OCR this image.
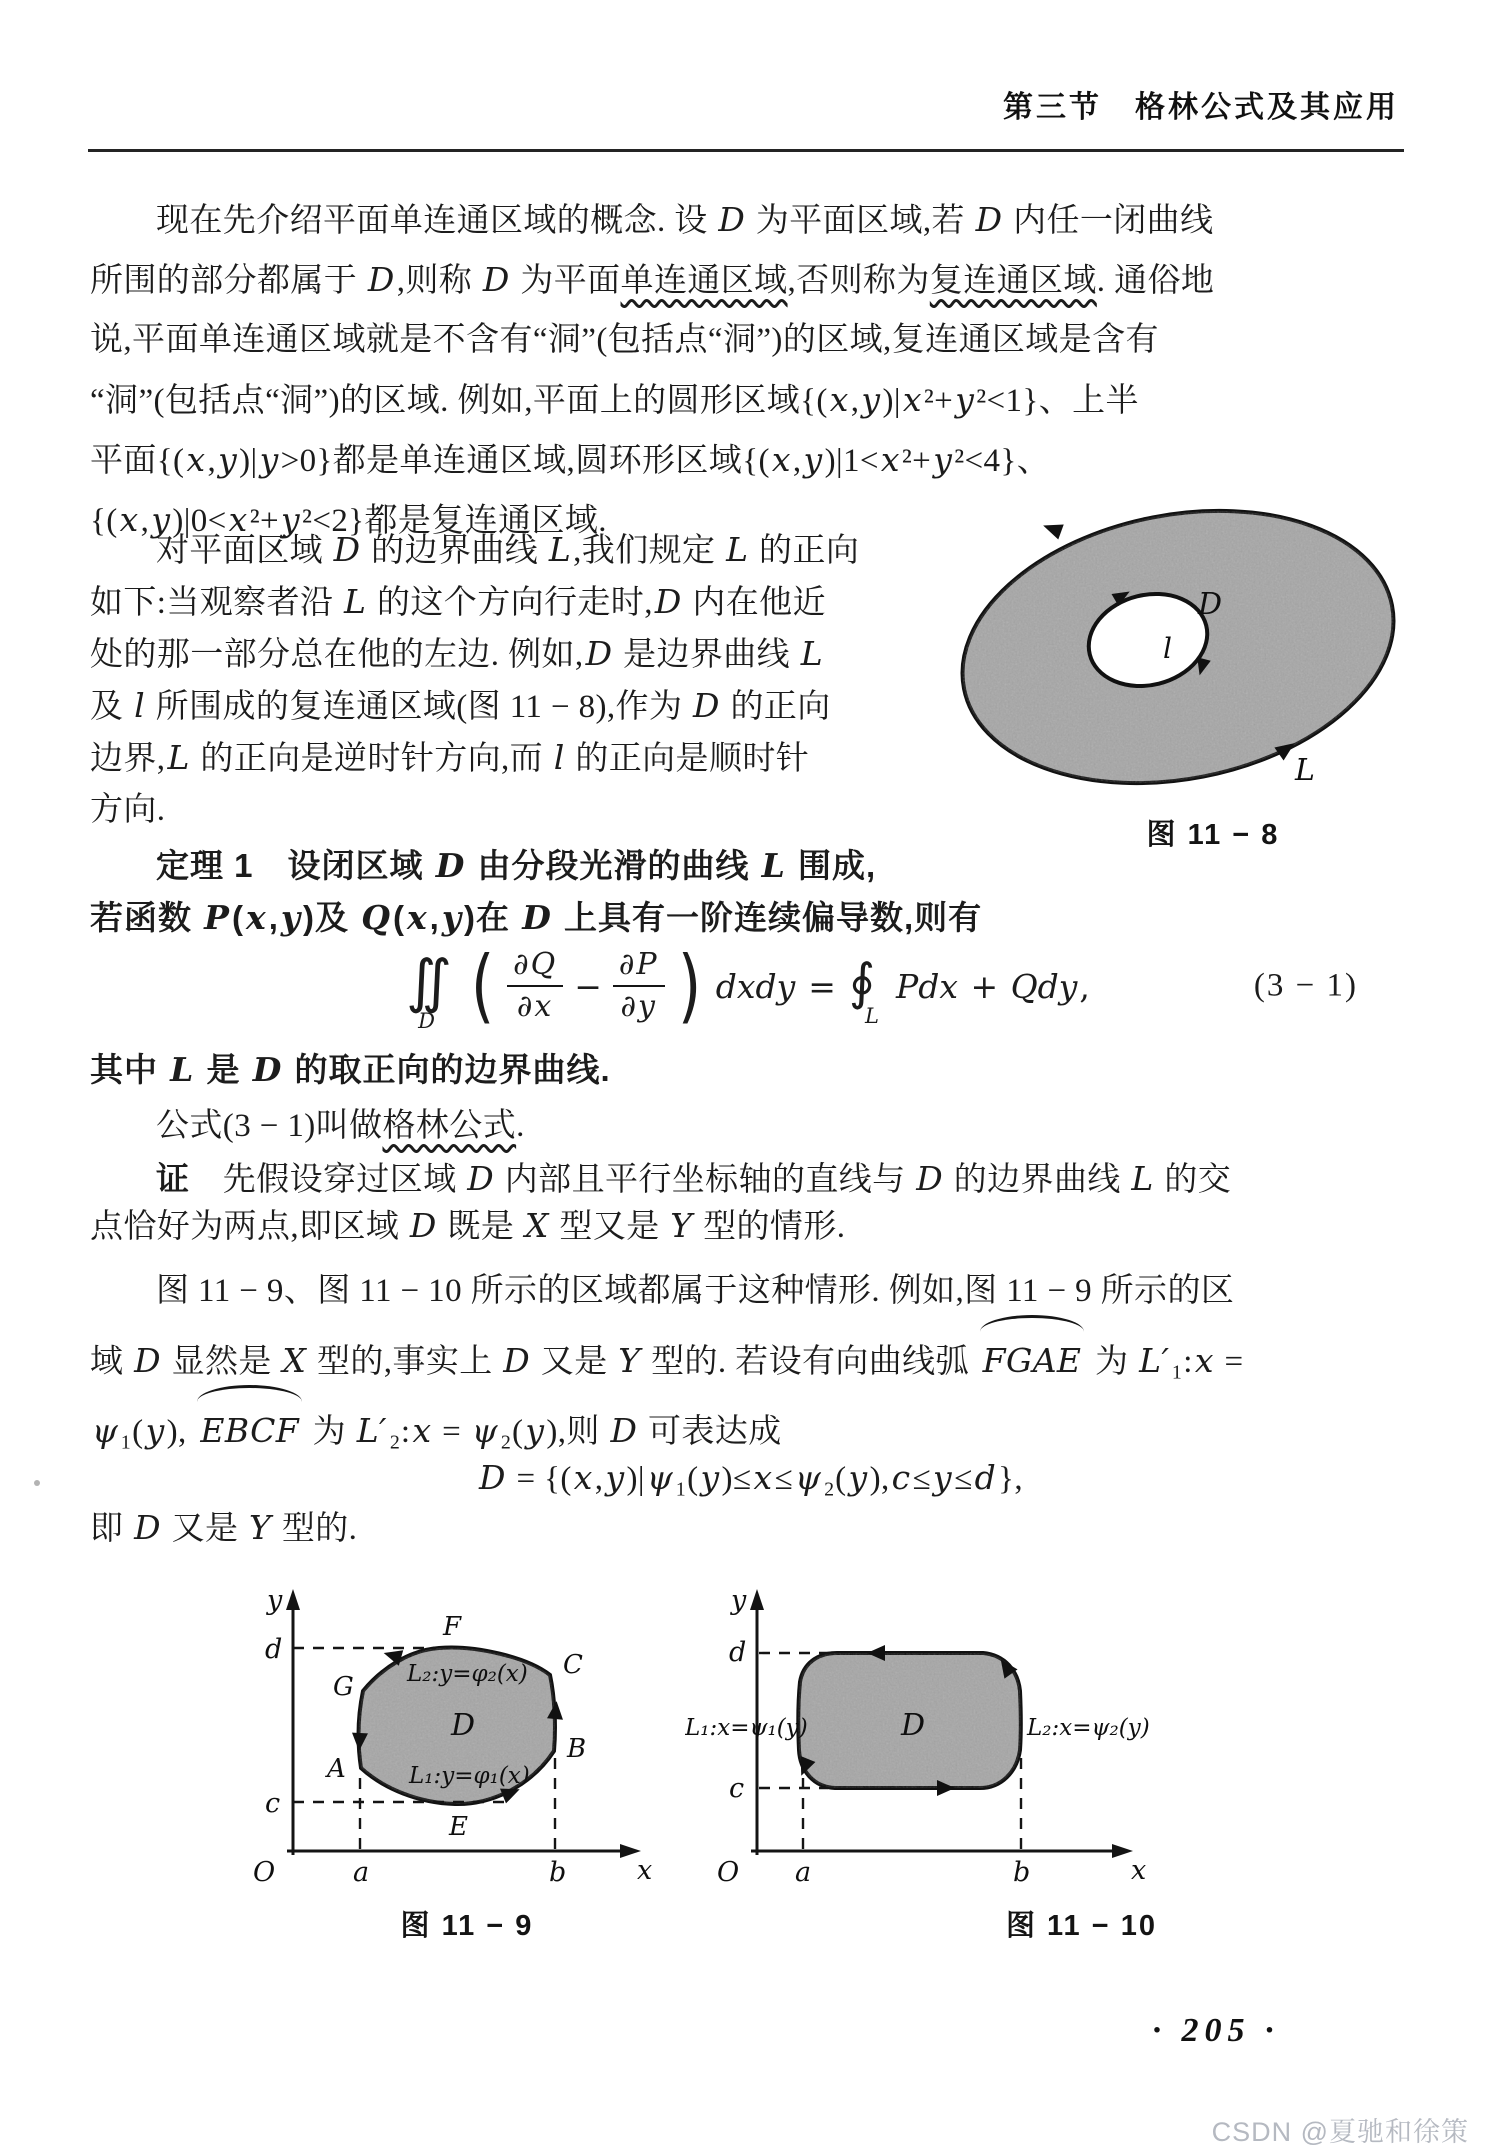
第三节　格林公式及其应用
现在先介绍平面单连通区域的概念. 设 D 为平面区域,若 D 内任一闭曲线
所围的部分都属于 D,则称 D 为平面单连通区域,否则称为复连通区域. 通俗地
说,平面单连通区域就是不含有“洞”(包括点“洞”)的区域,复连通区域是含有
“洞”(包括点“洞”)的区域. 例如,平面上的圆形区域{(x,y)|x²+y²<1}、上半
平面{(x,y)|y>0}都是单连通区域,圆环形区域{(x,y)|1<x²+y²<4}、
{(x,y)|0<x²+y²<2}都是复连通区域.
对平面区域 D 的边界曲线 L,我们规定 L 的正向
如下:当观察者沿 L 的这个方向行走时,D 内在他近
处的那一部分总在他的左边. 例如,D 是边界曲线 L
及 l 所围成的复连通区域(图 11 − 8),作为 D 的正向
边界,L 的正向是逆时针方向,而 l 的正向是顺时针
方向.
D
l
L
图 11 − 8
定理 1　设闭区域 D 由分段光滑的曲线 L 围成,
若函数 P(x,y)及 Q(x,y)在 D 上具有一阶连续偏导数,则有
∬
D ( $\frac{\partial Q}{\partial x} - \frac{\partial P}{\partial y}$ ) dxdy = ∮
L
Pdx + Qdy,	(3 − 1)
其中 L 是 D 的取正向的边界曲线.
公式(3 − 1)叫做格林公式.
证　先假设穿过区域 D 内部且平行坐标轴的直线与 D 的边界曲线 L 的交
点恰好为两点,即区域 D 既是 X 型又是 Y 型的情形.
图 11 − 9、图 11 − 10 所示的区域都属于这种情形. 例如,图 11 − 9 所示的区
域 D 显然是 X 型的,事实上 D 又是 Y 型的. 若设有向曲线弧 FGAE 为 L′₁:x =
ψ₁(y), EBCF 为 L′₂:x = ψ₂(y),则 D 可表达成
D = {(x,y)|ψ₁(y)≤x≤ψ₂(y),c≤y≤d},
即 D 又是 Y 型的.
y
x
O	a	b
d
c
F
C
B
E
A
G
D
L₂:y=φ₂(x)
L₁:y=φ₁(x)
图 11 − 9
y
x
O a	b
d
c
D
L₁:x=ψ₁(y)	L₂:x=ψ₂(y)
图 11 − 10
· 205 ·
CSDN @夏驰和徐策
